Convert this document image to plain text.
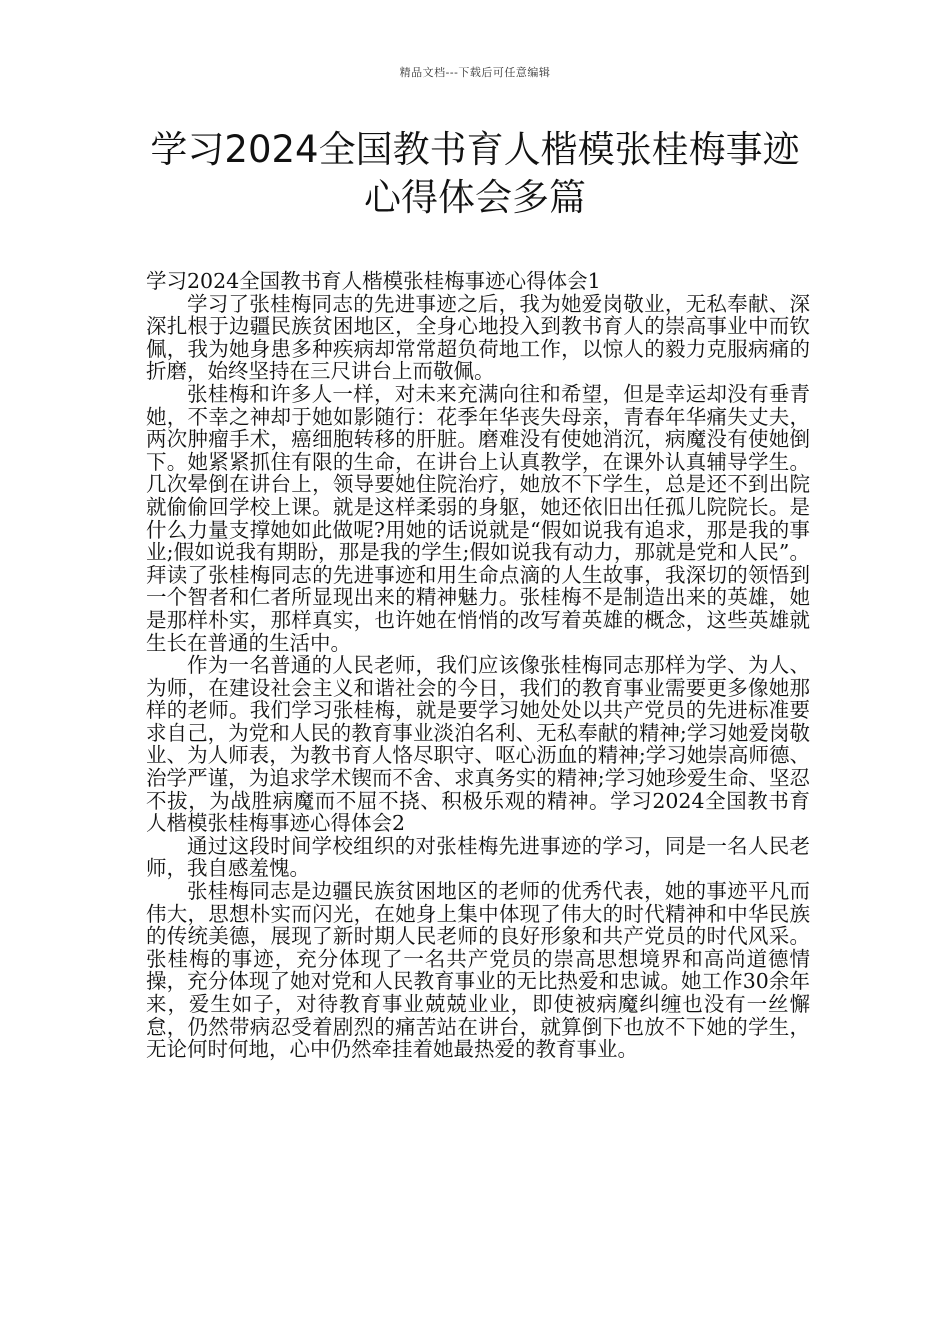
精品文档---下载后可任意编辑
学习2024全国教书育人楷模张桂梅事迹心得体会多篇

学习2024全国教书育人楷模张桂梅事迹心得体会1

学习了张桂梅同志的先进事迹之后，我为她爱岗敬业，无私奉献、深深扎根于边疆民族贫困地区，全身心地投入到教书育人的崇高事业中而钦佩，我为她身患多种疾病却常常超负荷地工作，以惊人的毅力克服病痛的折磨，始终坚持在三尺讲台上而敬佩。

张桂梅和许多人一样，对未来充满向往和希望，但是幸运却没有垂青她，不幸之神却于她如影随行：花季年华丧失母亲，青春年华痛失丈夫，两次肿瘤手术，癌细胞转移的肝脏。磨难没有使她消沉，病魔没有使她倒下。她紧紧抓住有限的生命，在讲台上认真教学，在课外认真辅导学生。几次晕倒在讲台上，领导要她住院治疗，她放不下学生，总是还不到出院就偷偷回学校上课。就是这样柔弱的身躯，她还依旧出任孤儿院院长。是什么力量支撑她如此做呢?用她的话说就是“假如说我有追求，那是我的事业;假如说我有期盼，那是我的学生;假如说我有动力，那就是党和人民”。拜读了张桂梅同志的先进事迹和用生命点滴的人生故事，我深切的领悟到一个智者和仁者所显现出来的精神魅力。张桂梅不是制造出来的英雄，她是那样朴实，那样真实，也许她在悄悄的改写着英雄的概念，这些英雄就生长在普通的生活中。

作为一名普通的人民老师，我们应该像张桂梅同志那样为学、为人、为师，在建设社会主义和谐社会的今日，我们的教育事业需要更多像她那样的老师。我们学习张桂梅，就是要学习她处处以共产党员的先进标准要求自己，为党和人民的教育事业淡泊名利、无私奉献的精神;学习她爱岗敬业、为人师表，为教书育人恪尽职守、呕心沥血的精神;学习她崇高师德、治学严谨，为追求学术锲而不舍、求真务实的精神;学习她珍爱生命、坚忍不拔，为战胜病魔而不屈不挠、积极乐观的精神。学习2024全国教书育人楷模张桂梅事迹心得体会2

通过这段时间学校组织的对张桂梅先进事迹的学习，同是一名人民老师，我自感羞愧。

张桂梅同志是边疆民族贫困地区的老师的优秀代表，她的事迹平凡而伟大，思想朴实而闪光，在她身上集中体现了伟大的时代精神和中华民族的传统美德，展现了新时期人民老师的良好形象和共产党员的时代风采。张桂梅的事迹，充分体现了一名共产党员的崇高思想境界和高尚道德情操，充分体现了她对党和人民教育事业的无比热爱和忠诚。她工作30余年来，爱生如子，对待教育事业兢兢业业，即使被病魔纠缠也没有一丝懈怠，仍然带病忍受着剧烈的痛苦站在讲台，就算倒下也放不下她的学生，无论何时何地，心中仍然牵挂着她最热爱的教育事业。
